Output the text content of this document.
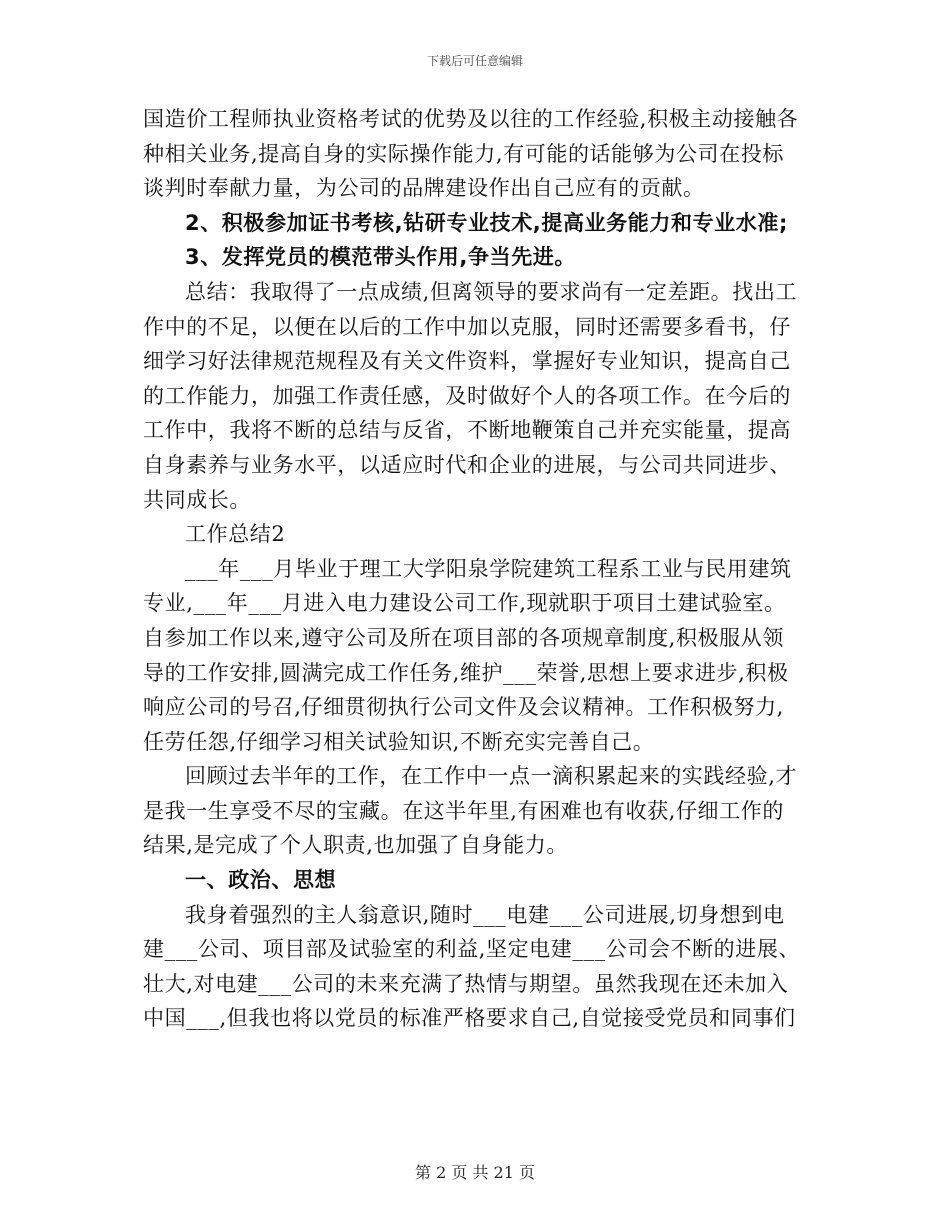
下载后可任意编辑
国造价工程师执业资格考试的优势及以往的工作经验,积极主动接触各
种相关业务,提高自身的实际操作能力,有可能的话能够为公司在投标
谈判时奉献力量，为公司的品牌建设作出自己应有的贡献。
2、积极参加证书考核,钻研专业技术,提高业务能力和专业水准;
3、发挥党员的模范带头作用,争当先进。
总结：我取得了一点成绩,但离领导的要求尚有一定差距。找出工
作中的不足，以便在以后的工作中加以克服，同时还需要多看书，仔
细学习好法律规范规程及有关文件资料，掌握好专业知识，提高自己
的工作能力，加强工作责任感，及时做好个人的各项工作。在今后的
工作中，我将不断的总结与反省，不断地鞭策自己并充实能量，提高
自身素养与业务水平，以适应时代和企业的进展，与公司共同进步、
共同成长。
工作总结2
___年___月毕业于理工大学阳泉学院建筑工程系工业与民用建筑
专业,___年___月进入电力建设公司工作,现就职于项目土建试验室。
自参加工作以来,遵守公司及所在项目部的各项规章制度,积极服从领
导的工作安排,圆满完成工作任务,维护___荣誉,思想上要求进步,积极
响应公司的号召,仔细贯彻执行公司文件及会议精神。工作积极努力,
任劳任怨,仔细学习相关试验知识,不断充实完善自己。
回顾过去半年的工作，在工作中一点一滴积累起来的实践经验,才
是我一生享受不尽的宝藏。在这半年里,有困难也有收获,仔细工作的
结果,是完成了个人职责,也加强了自身能力。
一、政治、思想
我身着强烈的主人翁意识,随时___电建___公司进展,切身想到电
建___公司、项目部及试验室的利益,坚定电建___公司会不断的进展、
壮大,对电建___公司的未来充满了热情与期望。虽然我现在还未加入
中国___,但我也将以党员的标准严格要求自己,自觉接受党员和同事们
第 2 页 共 21 页
